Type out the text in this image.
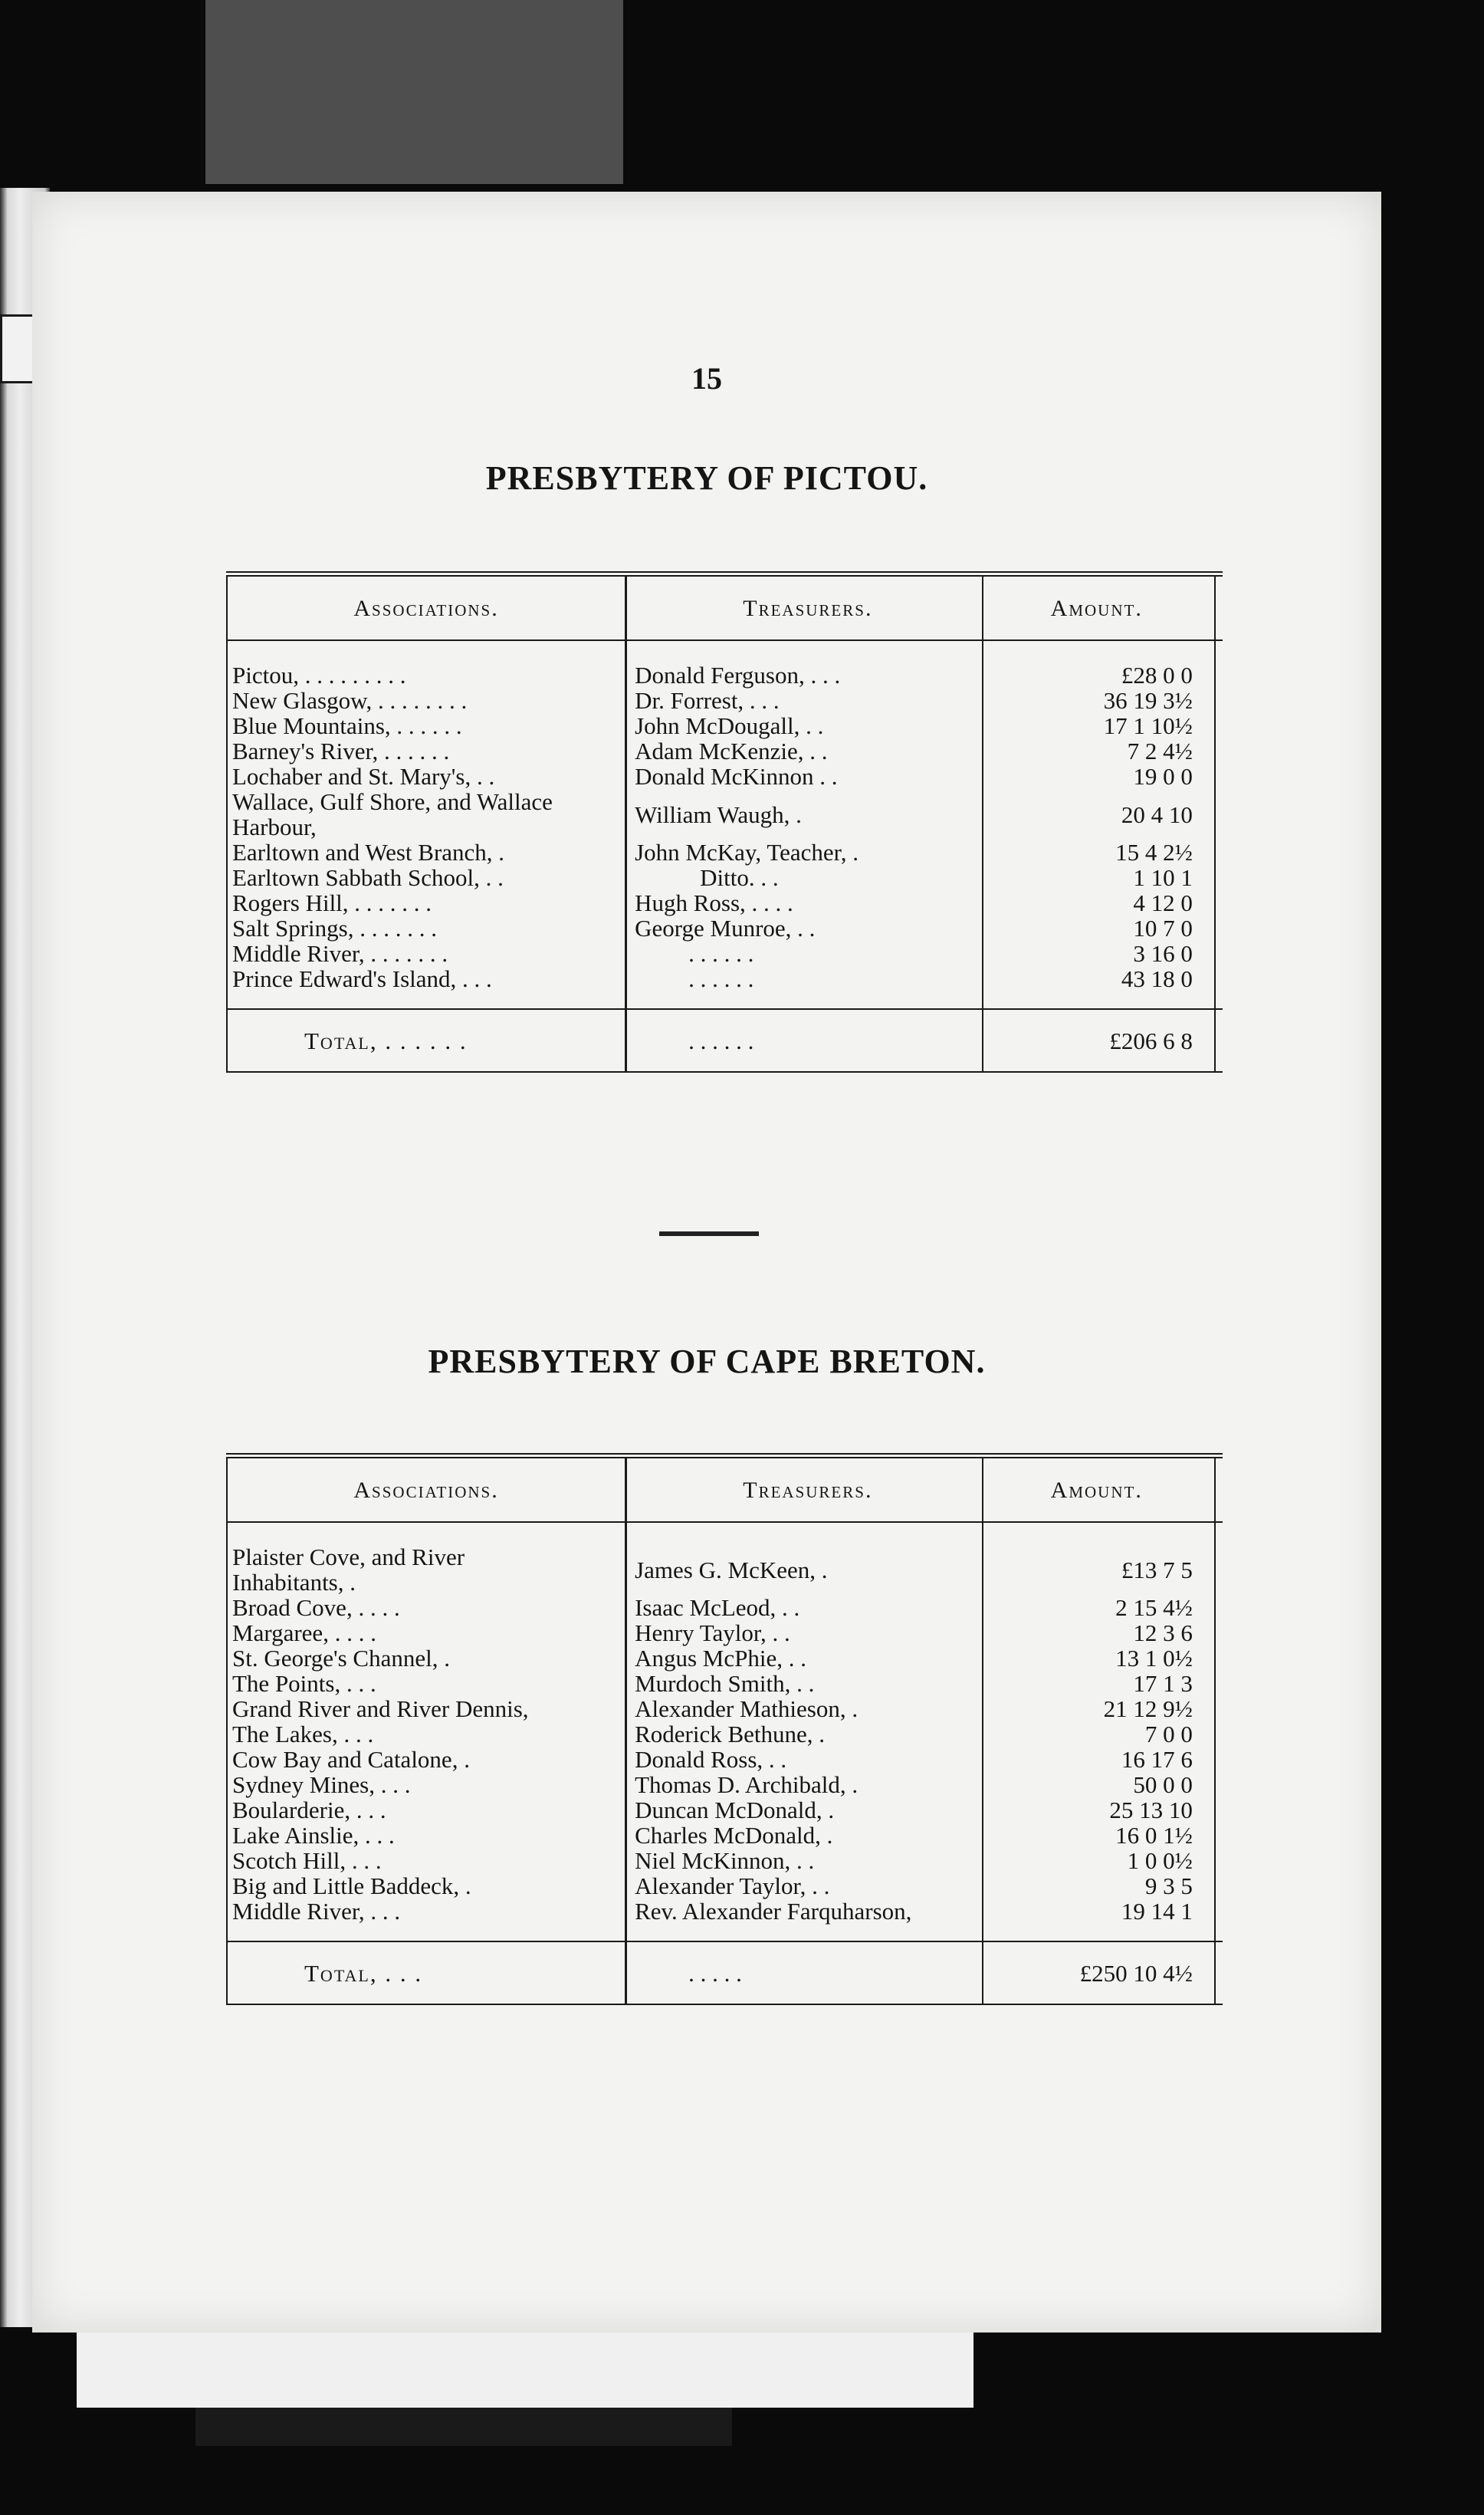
15
PRESBYTERY OF PICTOU.
Associations.	Treasurers.	Amount.	
Pictou, . . . . . . . . .	Donald Ferguson, . . .	£28 0 0	
New Glasgow, . . . . . . . .	Dr. Forrest, . . .	36 19 3½	
Blue Mountains, . . . . . .	John McDougall, . .	17 1 10½	
Barney's River, . . . . . .	Adam McKenzie, . .	7 2 4½	
Lochaber and St. Mary's, . .	Donald McKinnon . .	19 0 0	
Wallace, Gulf Shore, and Wallace Harbour,	William Waugh, .	20 4 10	
Earltown and West Branch, .	John McKay, Teacher, .	15 4 2½	
Earltown Sabbath School, . .	Ditto. . .	1 10 1	
Rogers Hill, . . . . . . .	Hugh Ross, . . . .	4 12 0	
Salt Springs, . . . . . . .	George Munroe, . .	10 7 0	
Middle River, . . . . . . .	. . . . . .	3 16 0	
Prince Edward's Island, . . .	. . . . . .	43 18 0	
Total, . . . . . .	. . . . . .	£206 6 8	
PRESBYTERY OF CAPE BRETON.
Associations.	Treasurers.	Amount.	
Plaister Cove, and River Inhabitants, .	James G. McKeen, .	£13 7 5	
Broad Cove, . . . .	Isaac McLeod, . .	2 15 4½	
Margaree, . . . .	Henry Taylor, . .	12 3 6	
St. George's Channel, .	Angus McPhie, . .	13 1 0½	
The Points, . . .	Murdoch Smith, . .	17 1 3	
Grand River and River Dennis,	Alexander Mathieson, .	21 12 9½	
The Lakes, . . .	Roderick Bethune, .	7 0 0	
Cow Bay and Catalone, .	Donald Ross, . .	16 17 6	
Sydney Mines, . . .	Thomas D. Archibald, .	50 0 0	
Boularderie, . . .	Duncan McDonald, .	25 13 10	
Lake Ainslie, . . .	Charles McDonald, .	16 0 1½	
Scotch Hill, . . .	Niel McKinnon, . .	1 0 0½	
Big and Little Baddeck, .	Alexander Taylor, . .	9 3 5	
Middle River, . . .	Rev. Alexander Farquharson,	19 14 1	
Total, . . .	. . . . .	£250 10 4½	
